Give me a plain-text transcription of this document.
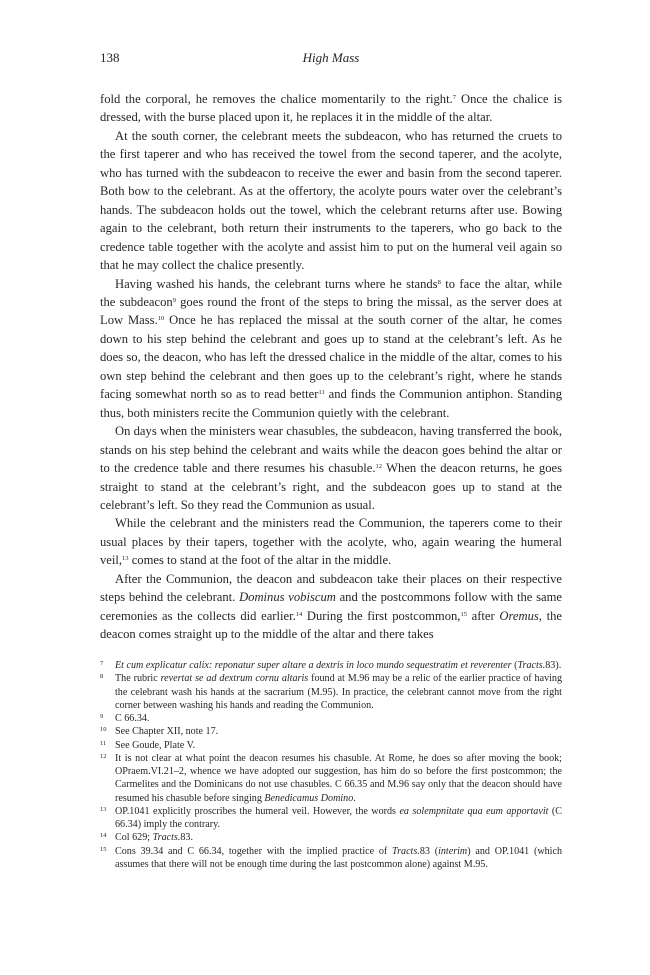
138	High Mass

fold the corporal, he removes the chalice momentarily to the right.$^7$ Once the chalice is dressed, with the burse placed upon it, he replaces it in the middle of the altar.

At the south corner, the celebrant meets the subdeacon, who has returned the cruets to the first taperer and who has received the towel from the second taperer, and the acolyte, who has turned with the subdeacon to receive the ewer and basin from the second taperer. Both bow to the celebrant. As at the offertory, the acolyte pours water over the celebrant’s hands. The subdeacon holds out the towel, which the celebrant returns after use. Bowing again to the celebrant, both return their instruments to the taperers, who go back to the credence table together with the acolyte and assist him to put on the humeral veil again so that he may collect the chalice presently.

Having washed his hands, the celebrant turns where he stands$^8$ to face the altar, while the subdeacon$^9$ goes round the front of the steps to bring the missal, as the server does at Low Mass.$^{10}$ Once he has replaced the missal at the south corner of the altar, he comes down to his step behind the celebrant and goes up to stand at the celebrant’s left. As he does so, the deacon, who has left the dressed chalice in the middle of the altar, comes to his own step behind the celebrant and then goes up to the celebrant’s right, where he stands facing somewhat north so as to read better$^{11}$ and finds the Communion antiphon. Standing thus, both ministers recite the Communion quietly with the celebrant.

On days when the ministers wear chasubles, the subdeacon, having transferred the book, stands on his step behind the celebrant and waits while the deacon goes behind the altar or to the credence table and there resumes his chasuble.$^{12}$ When the deacon returns, he goes straight to stand at the celebrant’s right, and the subdeacon goes up to stand at the celebrant’s left. So they read the Communion as usual.

While the celebrant and the ministers read the Communion, the taperers come to their usual places by their tapers, together with the acolyte, who, again wearing the humeral veil,$^{13}$ comes to stand at the foot of the altar in the middle.

After the Communion, the deacon and subdeacon take their places on their respective steps behind the celebrant. Dominus vobiscum and the postcommons follow with the same ceremonies as the collects did earlier.$^{14}$ During the first postcommon,$^{15}$ after Oremus, the deacon comes straight up to the middle of the altar and there takes

7 Et cum explicatur calix: reponatur super altare a dextris in loco mundo sequestratim et reverenter (Tracts.83).
8 The rubric revertat se ad dextrum cornu altaris found at M.96 may be a relic of the earlier practice of having the celebrant wash his hands at the sacrarium (M.95). In practice, the celebrant cannot move from the right corner between washing his hands and reading the Communion.
9 C 66.34.
10 See Chapter XII, note 17.
11 See Goude, Plate V.
12 It is not clear at what point the deacon resumes his chasuble. At Rome, he does so after moving the book; OPraem.VI.21–2, whence we have adopted our suggestion, has him do so before the first postcommon; the Carmelites and the Dominicans do not use chasubles. C 66.35 and M.96 say only that the deacon should have resumed his chasuble before singing Benedicamus Domino.
13 OP.1041 explicitly proscribes the humeral veil. However, the words ea solempnitate qua eum apportavit (C 66.34) imply the contrary.
14 Col 629; Tracts.83.
15 Cons 39.34 and C 66.34, together with the implied practice of Tracts.83 (interim) and OP.1041 (which assumes that there will not be enough time during the last postcommon alone) against M.95.
